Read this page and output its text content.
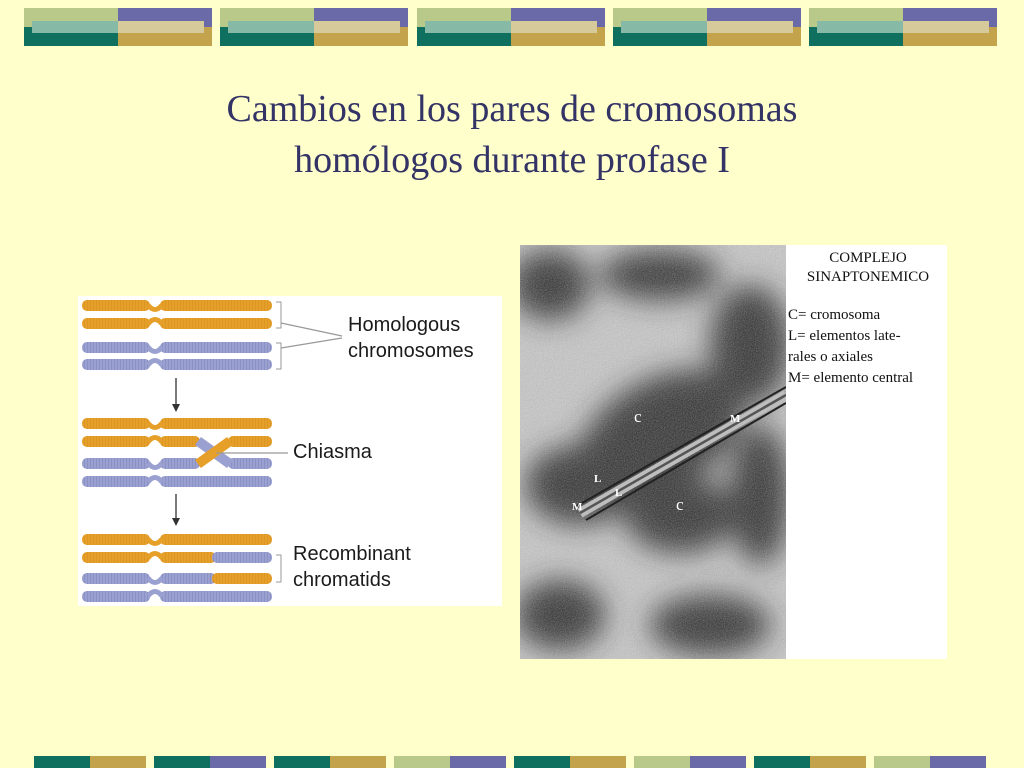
Cambios en los pares de cromosomas
homólogos durante profase I
Homologous
chromosomes
Chiasma
Recombinant
chromatids
c
c
M
M
L
L
COMPLEJO
SINAPTONEMICO
C= cromosoma
L= elementos late-
rales o axiales
M= elemento central
